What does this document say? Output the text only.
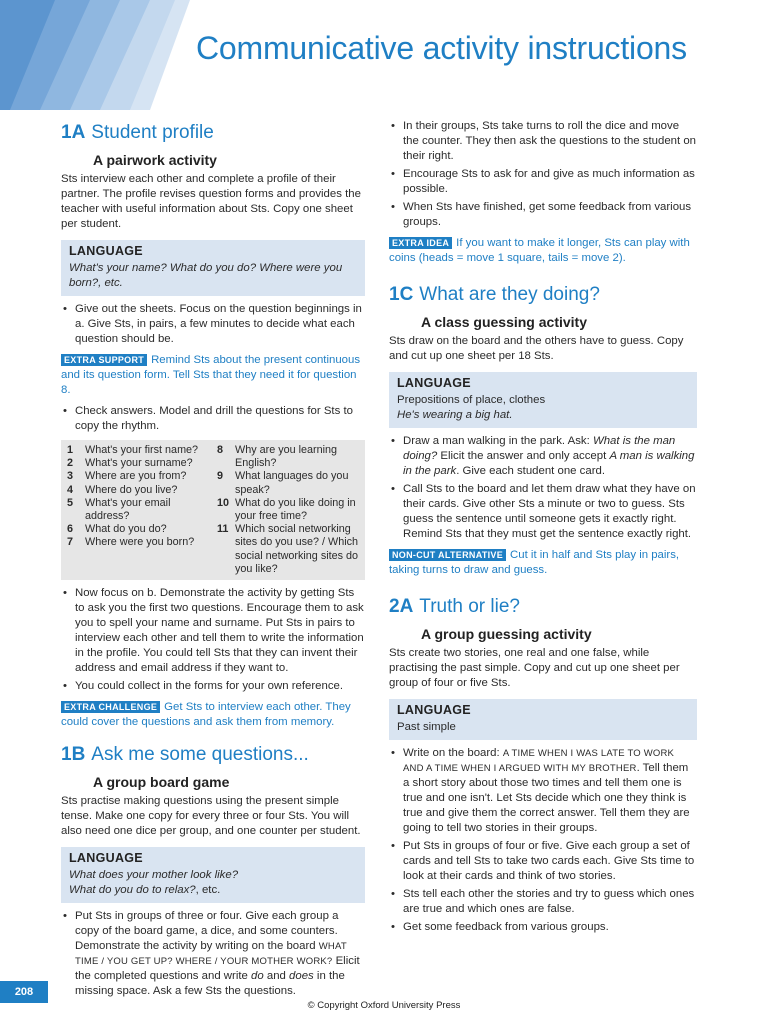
Communicative activity instructions
1A Student profile
A pairwork activity

Sts interview each other and complete a profile of their partner. The profile revises question forms and provides the teacher with useful information about Sts. Copy one sheet per student.

LANGUAGE

What's your name? What do you do? Where were you born?, etc.

• Give out the sheets. Focus on the question beginnings in a. Give Sts, in pairs, a few minutes to decide what each question should be.

EXTRA SUPPORT Remind Sts about the present continuous and its question form. Tell Sts that they need it for question 8.

• Check answers. Model and drill the questions for Sts to copy the rhythm.
1	What's your first name?
2	What's your surname?
3	Where are you from?
4	Where do you live?
5	What's your email address?
6	What do you do?
7	Where were you born?
8	Why are you learning English?
9	What languages do you speak?
10 What do you like doing in your free time?
11 Which social networking sites do you use? / Which social networking sites do you like?
• Now focus on b. Demonstrate the activity by getting Sts to ask you the first two questions. Encourage them to ask you to spell your name and surname. Put Sts in pairs to interview each other and tell them to write the information in the profile. You could tell Sts that they can invent their address and email address if they want to.
• You could collect in the forms for your own reference.

EXTRA CHALLENGE Get Sts to interview each other. They could cover the questions and ask them from memory.

1B Ask me some questions...
A group board game

Sts practise making questions using the present simple tense. Make one copy for every three or four Sts. You will also need one dice per group, and one counter per student.

LANGUAGE

What does your mother look like?

What do you do to relax?, etc.

• Put Sts in groups of three or four. Give each group a copy of the board game, a dice, and some counters. Demonstrate the activity by writing on the board WHAT TIME / YOU GET UP? WHERE / YOUR MOTHER WORK? Elicit the completed questions and write do and does in the missing space. Ask a few Sts the questions.
• In their groups, Sts take turns to roll the dice and move the counter. They then ask the questions to the student on their right.
• Encourage Sts to ask for and give as much information as possible.
• When Sts have finished, get some feedback from various groups.

EXTRA IDEA If you want to make it longer, Sts can play with coins (heads = move 1 square, tails = move 2).

1C What are they doing?
A class guessing activity

Sts draw on the board and the others have to guess. Copy and cut up one sheet per 18 Sts.

LANGUAGE

Prepositions of place, clothes

He's wearing a big hat.

• Draw a man walking in the park. Ask: What is the man doing? Elicit the answer and only accept A man is walking in the park. Give each student one card.
• Call Sts to the board and let them draw what they have on their cards. Give other Sts a minute or two to guess. Sts guess the sentence until someone gets it exactly right. Remind Sts that they must get the sentence exactly right.

NON-CUT ALTERNATIVE Cut it in half and Sts play in pairs, taking turns to draw and guess.

2A Truth or lie?
A group guessing activity

Sts create two stories, one real and one false, while practising the past simple. Copy and cut up one sheet per group of four or five Sts.

LANGUAGE

Past simple

• Write on the board: A TIME WHEN I WAS LATE TO WORK AND A TIME WHEN I ARGUED WITH MY BROTHER. Tell them a short story about those two times and tell them one is true and one isn't. Let Sts decide which one they think is true and give them the correct answer. Tell them they are going to tell two stories in their groups.
• Put Sts in groups of four or five. Give each group a set of cards and tell Sts to take two cards each. Give Sts time to look at their cards and think of two stories.
• Sts tell each other the stories and try to guess which ones are true and which ones are false.
• Get some feedback from various groups.
208
© Copyright Oxford University Press
